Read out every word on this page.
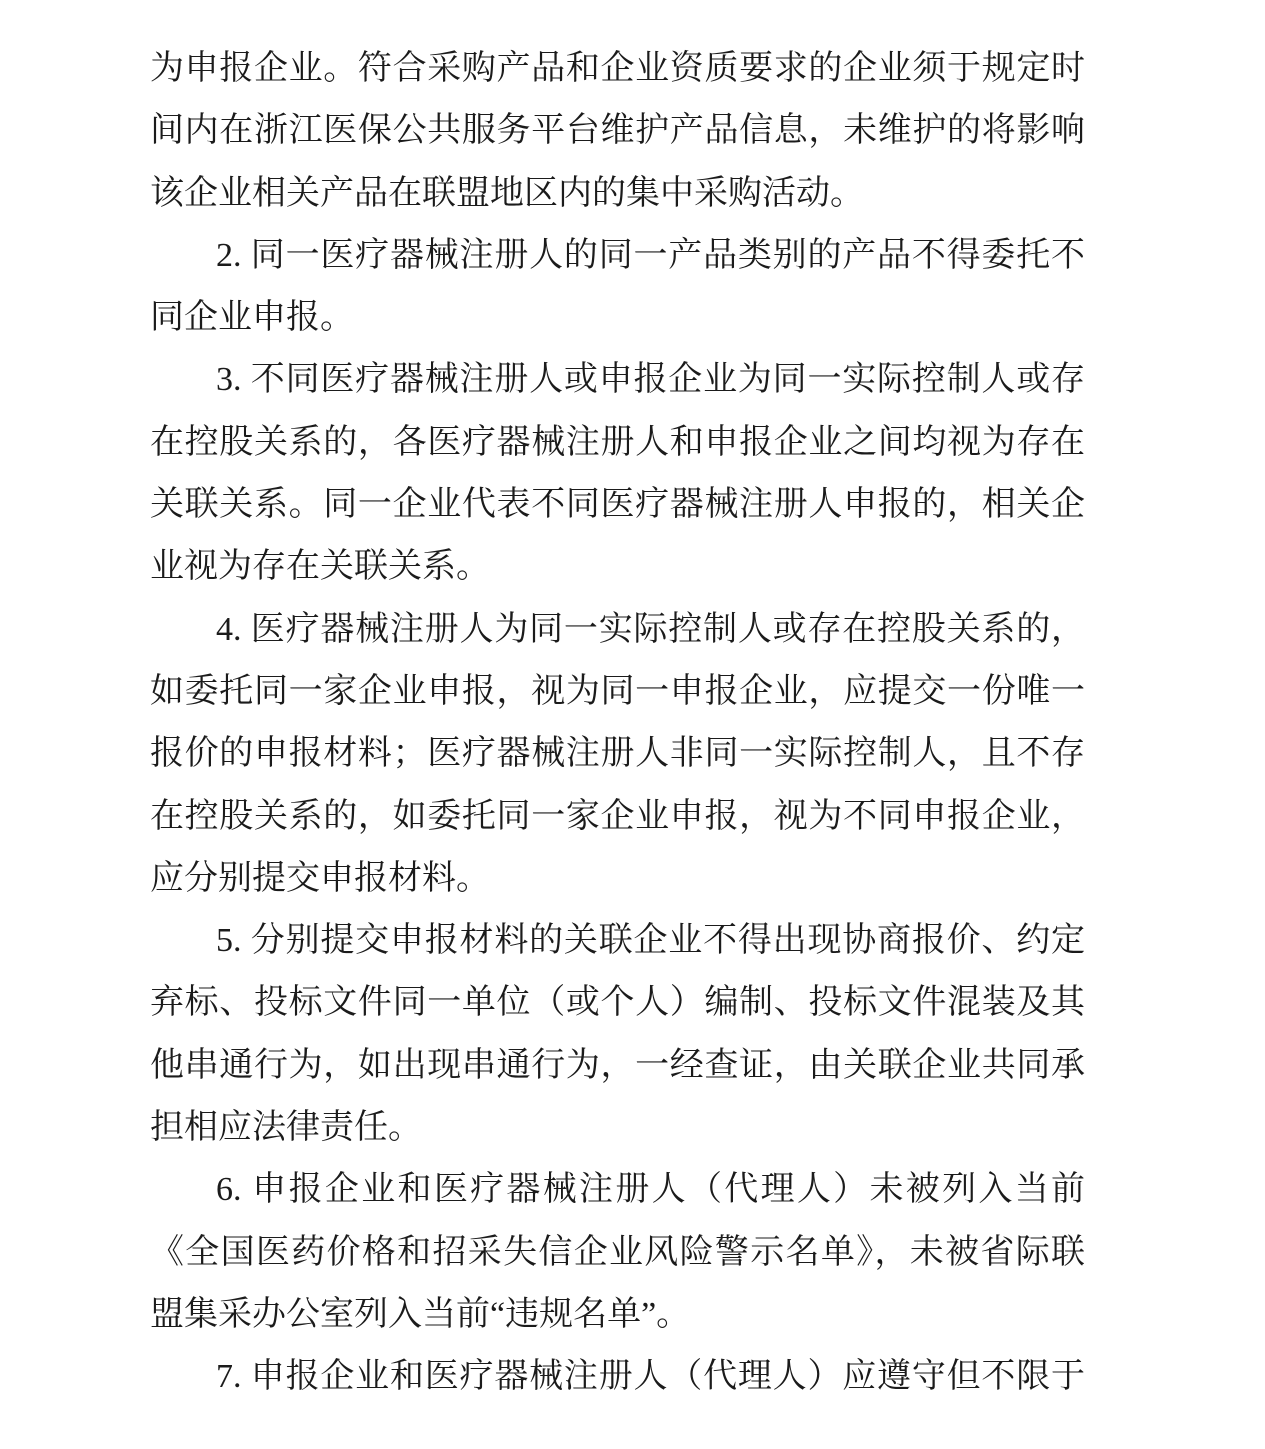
为申报企业。符合采购产品和企业资质要求的企业须于规定时
间内在浙江医保公共服务平台维护产品信息，未维护的将影响
该企业相关产品在联盟地区内的集中采购活动。

2. 同一医疗器械注册人的同一产品类别的产品不得委托不
同企业申报。

3. 不同医疗器械注册人或申报企业为同一实际控制人或存
在控股关系的，各医疗器械注册人和申报企业之间均视为存在
关联关系。同一企业代表不同医疗器械注册人申报的，相关企
业视为存在关联关系。

4. 医疗器械注册人为同一实际控制人或存在控股关系的，
如委托同一家企业申报，视为同一申报企业，应提交一份唯一
报价的申报材料；医疗器械注册人非同一实际控制人，且不存
在控股关系的，如委托同一家企业申报，视为不同申报企业，
应分别提交申报材料。

5. 分别提交申报材料的关联企业不得出现协商报价、约定
弃标、投标文件同一单位（或个人）编制、投标文件混装及其
他串通行为，如出现串通行为，一经查证，由关联企业共同承
担相应法律责任。

6. 申报企业和医疗器械注册人（代理人）未被列入当前
《全国医药价格和招采失信企业风险警示名单》，未被省际联
盟集采办公室列入当前“违规名单”。

7. 申报企业和医疗器械注册人（代理人）应遵守但不限于
